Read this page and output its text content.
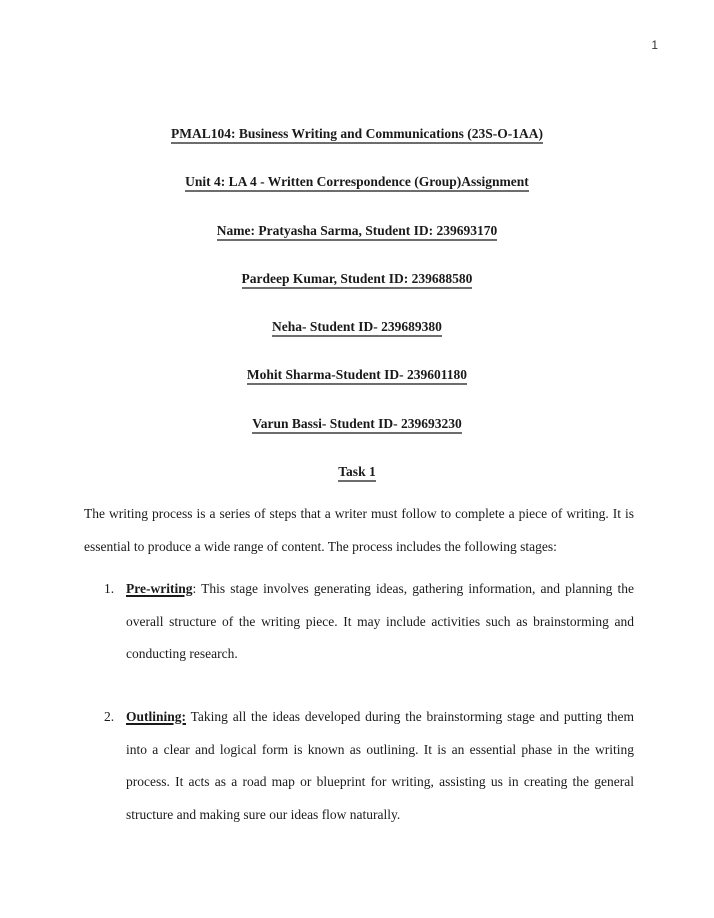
1
PMAL104: Business Writing and Communications (23S-O-1AA)
Unit 4: LA 4 - Written Correspondence (Group)Assignment
Name: Pratyasha Sarma, Student ID: 239693170
Pardeep Kumar, Student ID: 239688580
Neha- Student ID- 239689380
Mohit Sharma-Student ID- 239601180
Varun Bassi- Student ID- 239693230
Task 1

The writing process is a series of steps that a writer must follow to complete a piece of writing. It is essential to produce a wide range of content. The process includes the following stages:

1. Pre-writing: This stage involves generating ideas, gathering information, and planning the overall structure of the writing piece. It may include activities such as brainstorming and conducting research.
2. Outlining: Taking all the ideas developed during the brainstorming stage and putting them into a clear and logical form is known as outlining. It is an essential phase in the writing process. It acts as a road map or blueprint for writing, assisting us in creating the general structure and making sure our ideas flow naturally.
